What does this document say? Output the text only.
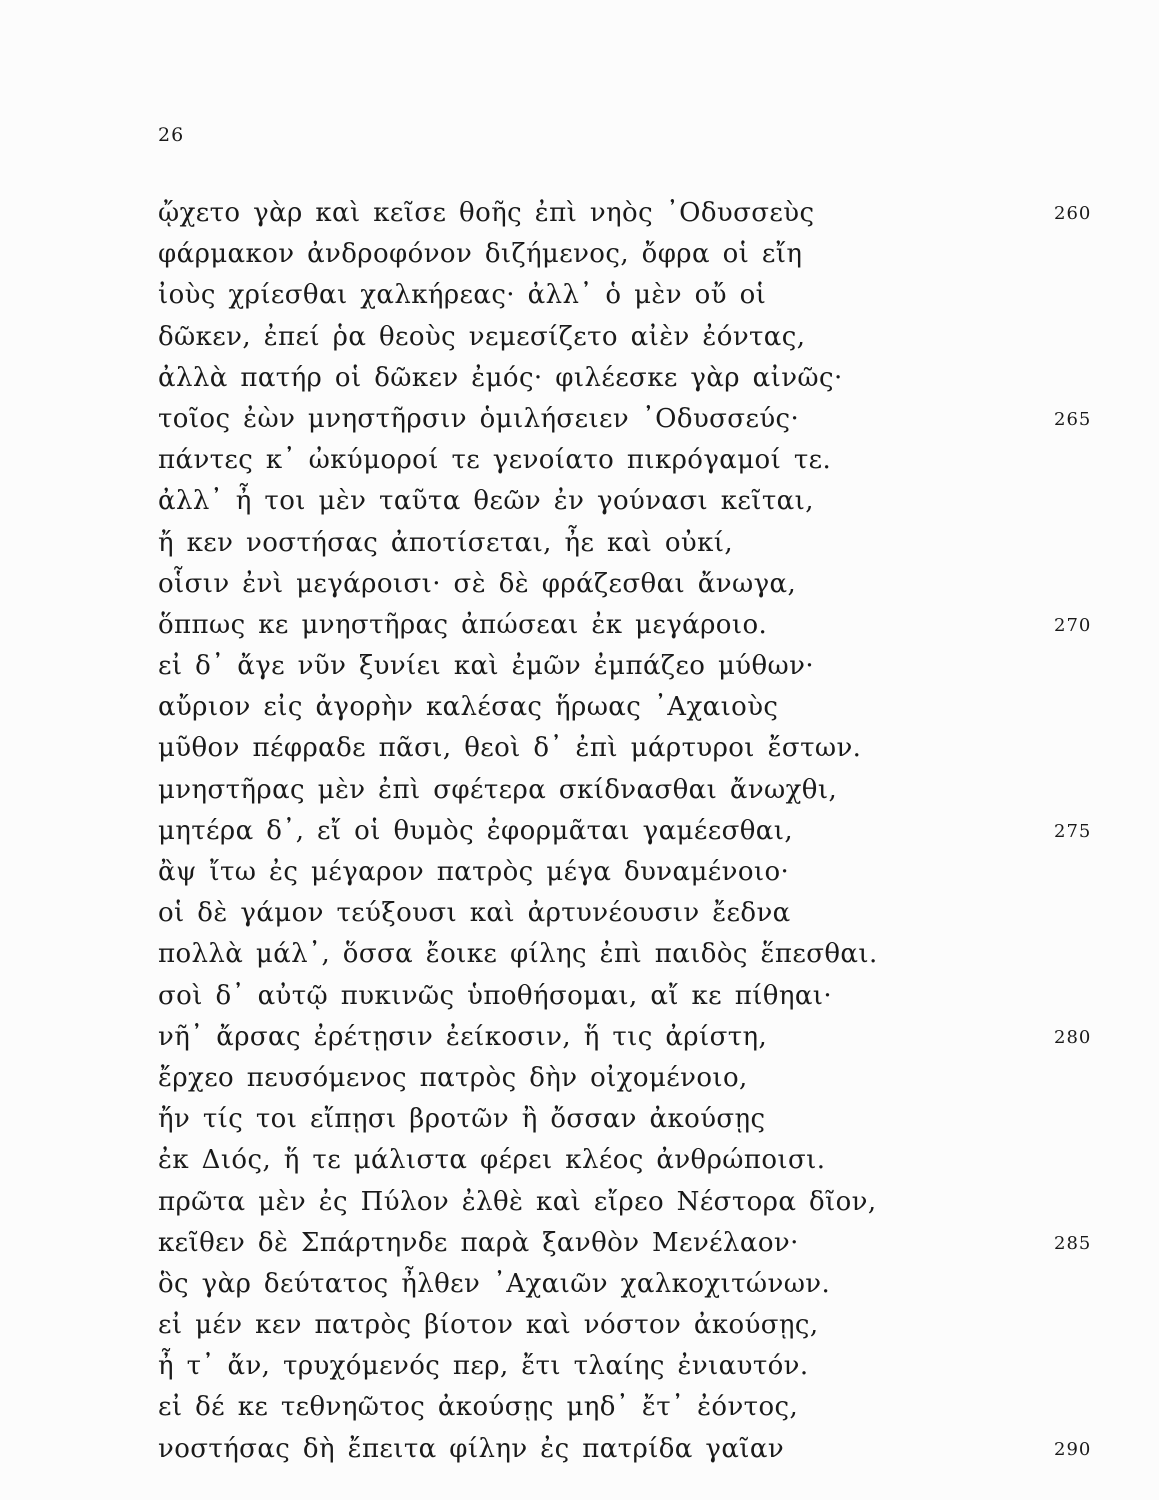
26
ᾤχετο γὰρ καὶ κεῖσε θοῆς ἐπὶ νηὸς ᾿Οδυσσεὺς	260
φάρμακον ἀνδροφόνον διζήμενος, ὄφρα οἱ εἴη
ἰοὺς χρίεσθαι χαλκήρεας· ἀλλ᾿ ὁ μὲν οὔ οἱ
δῶκεν, ἐπεί ῥα θεοὺς νεμεσίζετο αἰὲν ἐόντας,
ἀλλὰ πατήρ οἱ δῶκεν ἐμός· φιλέεσκε γὰρ αἰνῶς·
τοῖος ἐὼν μνηστῆρσιν ὁμιλήσειεν ᾿Οδυσσεύς·	265
πάντες κ᾿ ὠκύμοροί τε γενοίατο πικρόγαμοί τε.
ἀλλ᾿ ἦ τοι μὲν ταῦτα θεῶν ἐν γούνασι κεῖται,
ἤ κεν νοστήσας ἀποτίσεται, ἦε καὶ οὐκί,
οἷσιν ἐνὶ μεγάροισι· σὲ δὲ φράζεσθαι ἄνωγα,
ὅππως κε μνηστῆρας ἀπώσεαι ἐκ μεγάροιο.	270
εἰ δ᾿ ἄγε νῦν ξυνίει καὶ ἐμῶν ἐμπάζεο μύθων·
αὔριον εἰς ἀγορὴν καλέσας ἥρωας ᾿Αχαιοὺς
μῦθον πέφραδε πᾶσι, θεοὶ δ᾿ ἐπὶ μάρτυροι ἔστων.
μνηστῆρας μὲν ἐπὶ σφέτερα σκίδνασθαι ἄνωχθι,
μητέρα δ᾿, εἴ οἱ θυμὸς ἐφορμᾶται γαμέεσθαι,	275
ἂψ ἴτω ἐς μέγαρον πατρὸς μέγα δυναμένοιο·
οἱ δὲ γάμον τεύξουσι καὶ ἀρτυνέουσιν ἔεδνα
πολλὰ μάλ᾿, ὅσσα ἔοικε φίλης ἐπὶ παιδὸς ἕπεσθαι.
σοὶ δ᾿ αὐτῷ πυκινῶς ὑποθήσομαι, αἴ κε πίθηαι·
νῆ᾿ ἄρσας ἐρέτῃσιν ἐείκοσιν, ἥ τις ἀρίστη,	280
ἔρχεο πευσόμενος πατρὸς δὴν οἰχομένοιο,
ἤν τίς τοι εἴπῃσι βροτῶν ἢ ὄσσαν ἀκούσῃς
ἐκ Διός, ἥ τε μάλιστα φέρει κλέος ἀνθρώποισι.
πρῶτα μὲν ἐς Πύλον ἐλθὲ καὶ εἴρεο Νέστορα δῖον,
κεῖθεν δὲ Σπάρτηνδε παρὰ ξανθὸν Μενέλαον·	285
ὃς γὰρ δεύτατος ἦλθεν ᾿Αχαιῶν χαλκοχιτώνων.
εἰ μέν κεν πατρὸς βίοτον καὶ νόστον ἀκούσῃς,
ἦ τ᾿ ἄν, τρυχόμενός περ, ἔτι τλαίης ἐνιαυτόν.
εἰ δέ κε τεθνηῶτος ἀκούσῃς μηδ᾿ ἔτ᾿ ἐόντος,
νοστήσας δὴ ἔπειτα φίλην ἐς πατρίδα γαῖαν	290
